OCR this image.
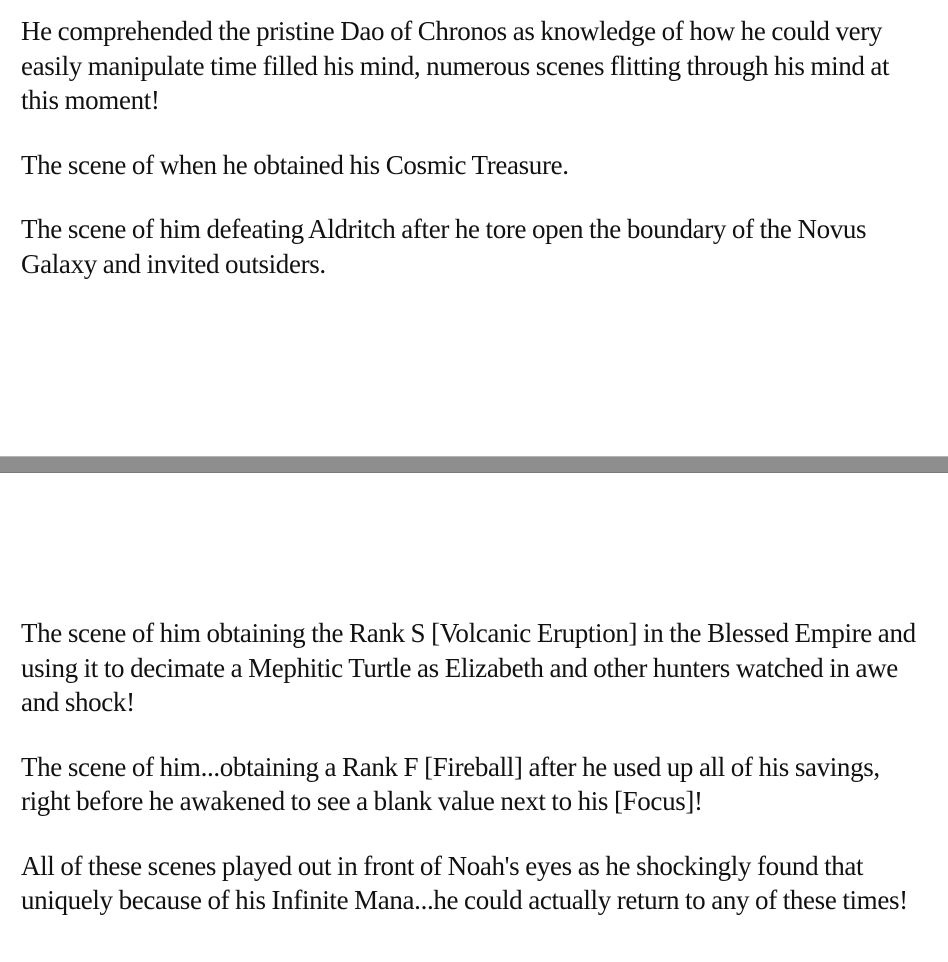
He comprehended the pristine Dao of Chronos as knowledge of how he could very easily manipulate time filled his mind, numerous scenes flitting through his mind at this moment!

The scene of when he obtained his Cosmic Treasure.

The scene of him defeating Aldritch after he tore open the boundary of the Novus Galaxy and invited outsiders.

The scene of him obtaining the Rank S [Volcanic Eruption] in the Blessed Empire and using it to decimate a Mephitic Turtle as Elizabeth and other hunters watched in awe and shock!

The scene of him...obtaining a Rank F [Fireball] after he used up all of his savings, right before he awakened to see a blank value next to his [Focus]!

All of these scenes played out in front of Noah's eyes as he shockingly found that uniquely because of his Infinite Mana...he could actually return to any of these times!
